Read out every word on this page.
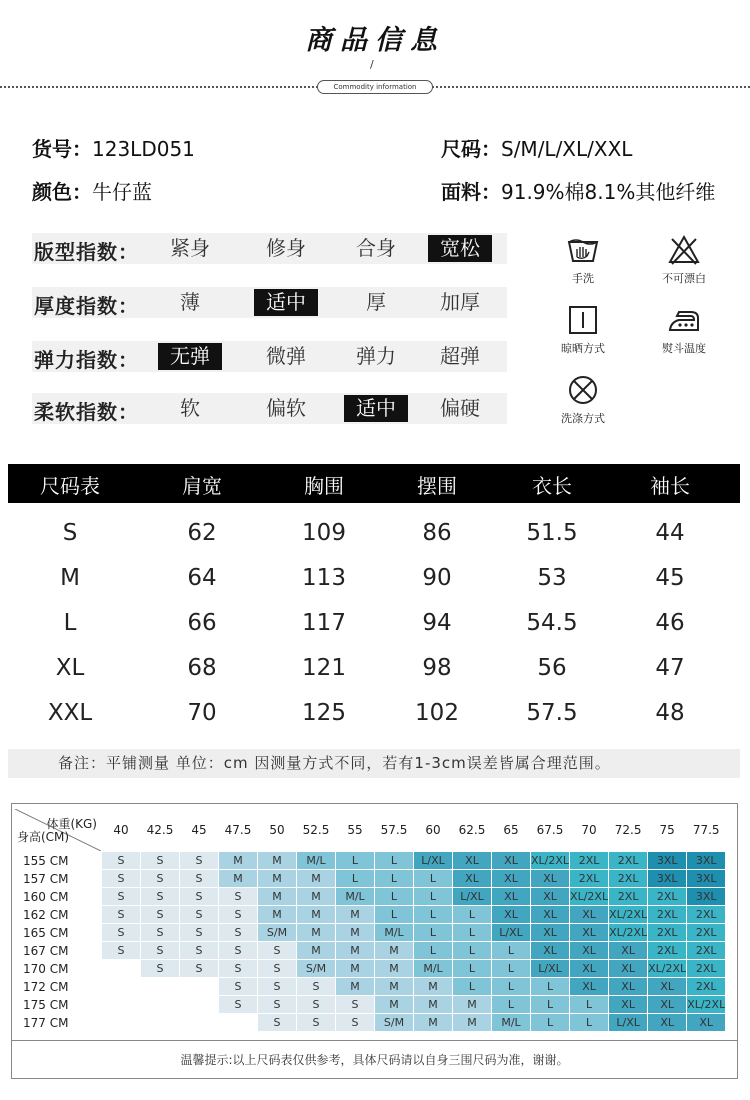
商品信息
/
Commodity information
货号：123LD051	尺码：S/M/L/XL/XXL
颜色：牛仔蓝	面料：91.9%棉8.1%其他纤维
版型指数：	紧身	修身	合身	宽松
厚度指数：	薄	适中	厚	加厚
弹力指数：	无弹	微弹	弹力	超弹
柔软指数：	软	偏软	适中	偏硬
手洗	不可漂白
晾晒方式	熨斗温度
洗涤方式
尺码表	肩宽	胸围	摆围	衣长	袖长
S	62	109	86	51.5	44
M	64	113	90	53	45
L	66	117	94	54.5	46
XL	68	121	98	56	47
XXL	70	125	102	57.5	48
备注：平铺测量 单位：cm 因测量方式不同，若有1-3cm误差皆属合理范围。
体重(KG)
身高(CM)	40	42.5	45	47.5	50	52.5	55	57.5	60	62.5	65	67.5	70	72.5	75	77.5
155 CM	S	S	S	M	M	M/L	L	L	L/XL	XL	XL	XL/2XL	2XL	2XL	3XL	3XL
157 CM	S	S	S	M	M	M	L	L	L	XL	XL	XL	2XL	2XL	3XL	3XL
160 CM	S	S	S	S	M	M	M/L	L	L	L/XL	XL	XL	XL/2XL	2XL	2XL	3XL
162 CM	S	S	S	S	M	M	M	L	L	L	XL	XL	XL	XL/2XL	2XL	2XL
165 CM	S	S	S	S	S/M	M	M	M/L	L	L	L/XL	XL	XL	XL/2XL	2XL	2XL
167 CM	S	S	S	S	S	M	M	M	L	L	L	XL	XL	XL	2XL	2XL
170 CM		S	S	S	S	S/M	M	M	M/L	L	L	L/XL	XL	XL	XL/2XL	2XL
172 CM				S	S	S	M	M	M	L	L	L	XL	XL	XL	2XL
175 CM				S	S	S	S	M	M	M	L	L	L	XL	XL	XL/2XL
177 CM					S	S	S	S/M	M	M	M/L	L	L	L/XL	XL	XL
温馨提示:以上尺码表仅供参考，具体尺码请以自身三围尺码为准，谢谢。
